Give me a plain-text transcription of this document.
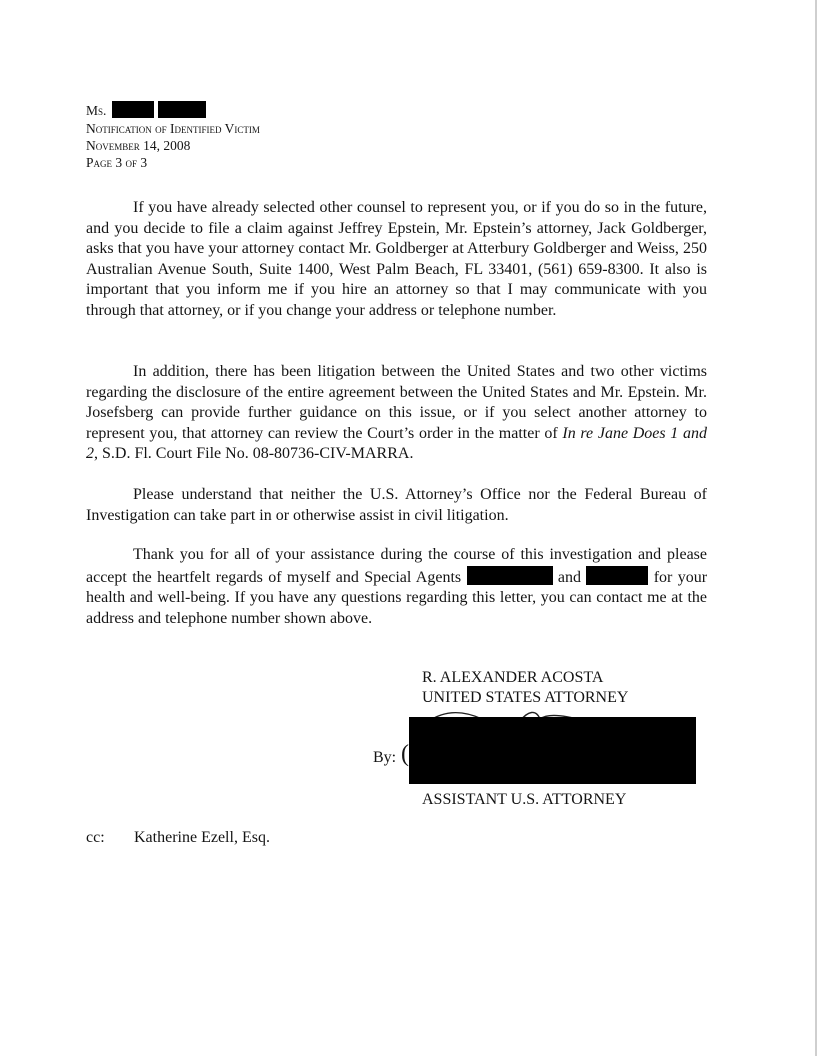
Ms.
Notification of Identified Victim
November 14, 2008
Page 3 of 3

If you have already selected other counsel to represent you, or if you do so in the future, and you decide to file a claim against Jeffrey Epstein, Mr. Epstein’s attorney, Jack Goldberger, asks that you have your attorney contact Mr. Goldberger at Atterbury Goldberger and Weiss, 250 Australian Avenue South, Suite 1400, West Palm Beach, FL 33401, (561) 659-8300. It also is important that you inform me if you hire an attorney so that I may communicate with you through that attorney, or if you change your address or telephone number.

In addition, there has been litigation between the United States and two other victims regarding the disclosure of the entire agreement between the United States and Mr. Epstein. Mr. Josefsberg can provide further guidance on this issue, or if you select another attorney to represent you, that attorney can review the Court’s order in the matter of In re Jane Does 1 and 2, S.D. Fl. Court File No. 08-80736-CIV-MARRA.

Please understand that neither the U.S. Attorney’s Office nor the Federal Bureau of Investigation can take part in or otherwise assist in civil litigation.

Thank you for all of your assistance during the course of this investigation and please accept the heartfelt regards of myself and Special Agents	and	for your health and well-being. If you have any questions regarding this letter, you can contact me at the address and telephone number shown above.

R. ALEXANDER ACOSTA
UNITED STATES ATTORNEY
By: (
ASSISTANT U.S. ATTORNEY
cc: Katherine Ezell, Esq.
